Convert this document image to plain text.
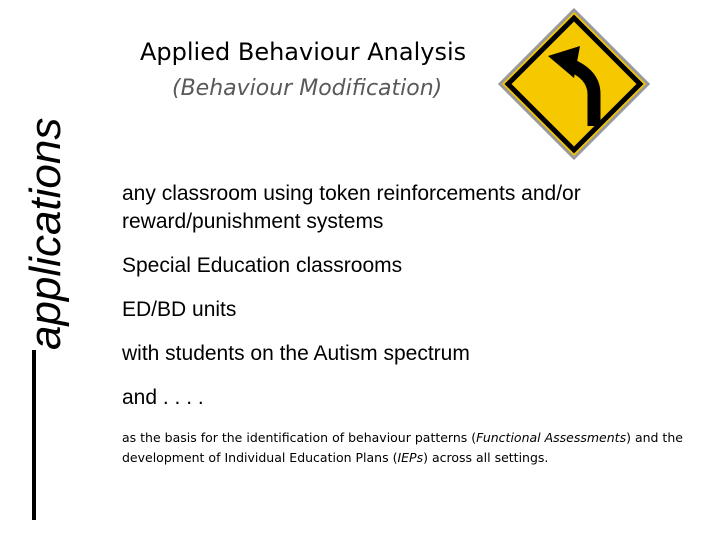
applications
Applied Behaviour Analysis
(Behaviour Modification)
any classroom using token reinforcements and/or reward/punishment systems
Special Education classrooms
ED/BD units
with students on the Autism spectrum
and . . . .
as the basis for the identification of behaviour patterns (Functional Assessments) and the development of Individual Education Plans (IEPs) across all settings.
